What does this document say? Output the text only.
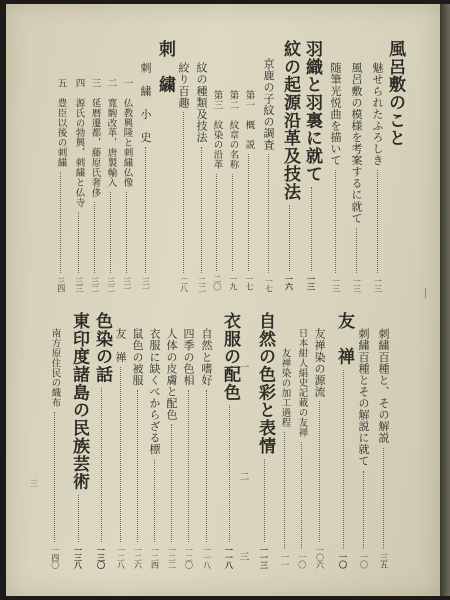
風呂敷のこと
魅せられたふろしき
一三
風呂敷の模様を考案するに就て
一三
随筆光悦曲を描いて
一三
羽織と羽裏に就て
一三
紋の起源沿革及技法
一六
京鹿の子紋の調査
一七
第一　概　説
一七
第二　紋章の名称
一九
第三　紋染の沿革
二〇
紋の種類及技法
二二
絞り百趣
二八
刺　繍
刺　繍　小　史
三一
一　仏教興隆と刺繍仏像
三一
二　寛駒改革，唐製輸入
三二
三　延暦遷都，藤原氏奢侈
三二
四　源氏の勃興，刺繍と仏寺
三三
五　豊臣以後の刺繍
三四
刺繍百種と、その解説
三五
刺繍百種とその解説に就て
一〇
友　禅
一〇
友禅染の源流
一〇六
日本紺人絹史記載の友禅
一〇
友禅染の加工過程
一一
自然の色彩と表情
一一三
一　　　　　　　　　　二　　　　　　　三
衣服の配色
一一八
自然と嗜好
一一八
四季の色相
一二〇
人体の皮膚と配色
一二二
衣服に缺くべからざる標
一二四
鼠色の被服
一二六
友　禅
一二八
色染の話
一三〇
東印度諸島の民族芸術
一三八
南方原住民の織布
一四〇
三
